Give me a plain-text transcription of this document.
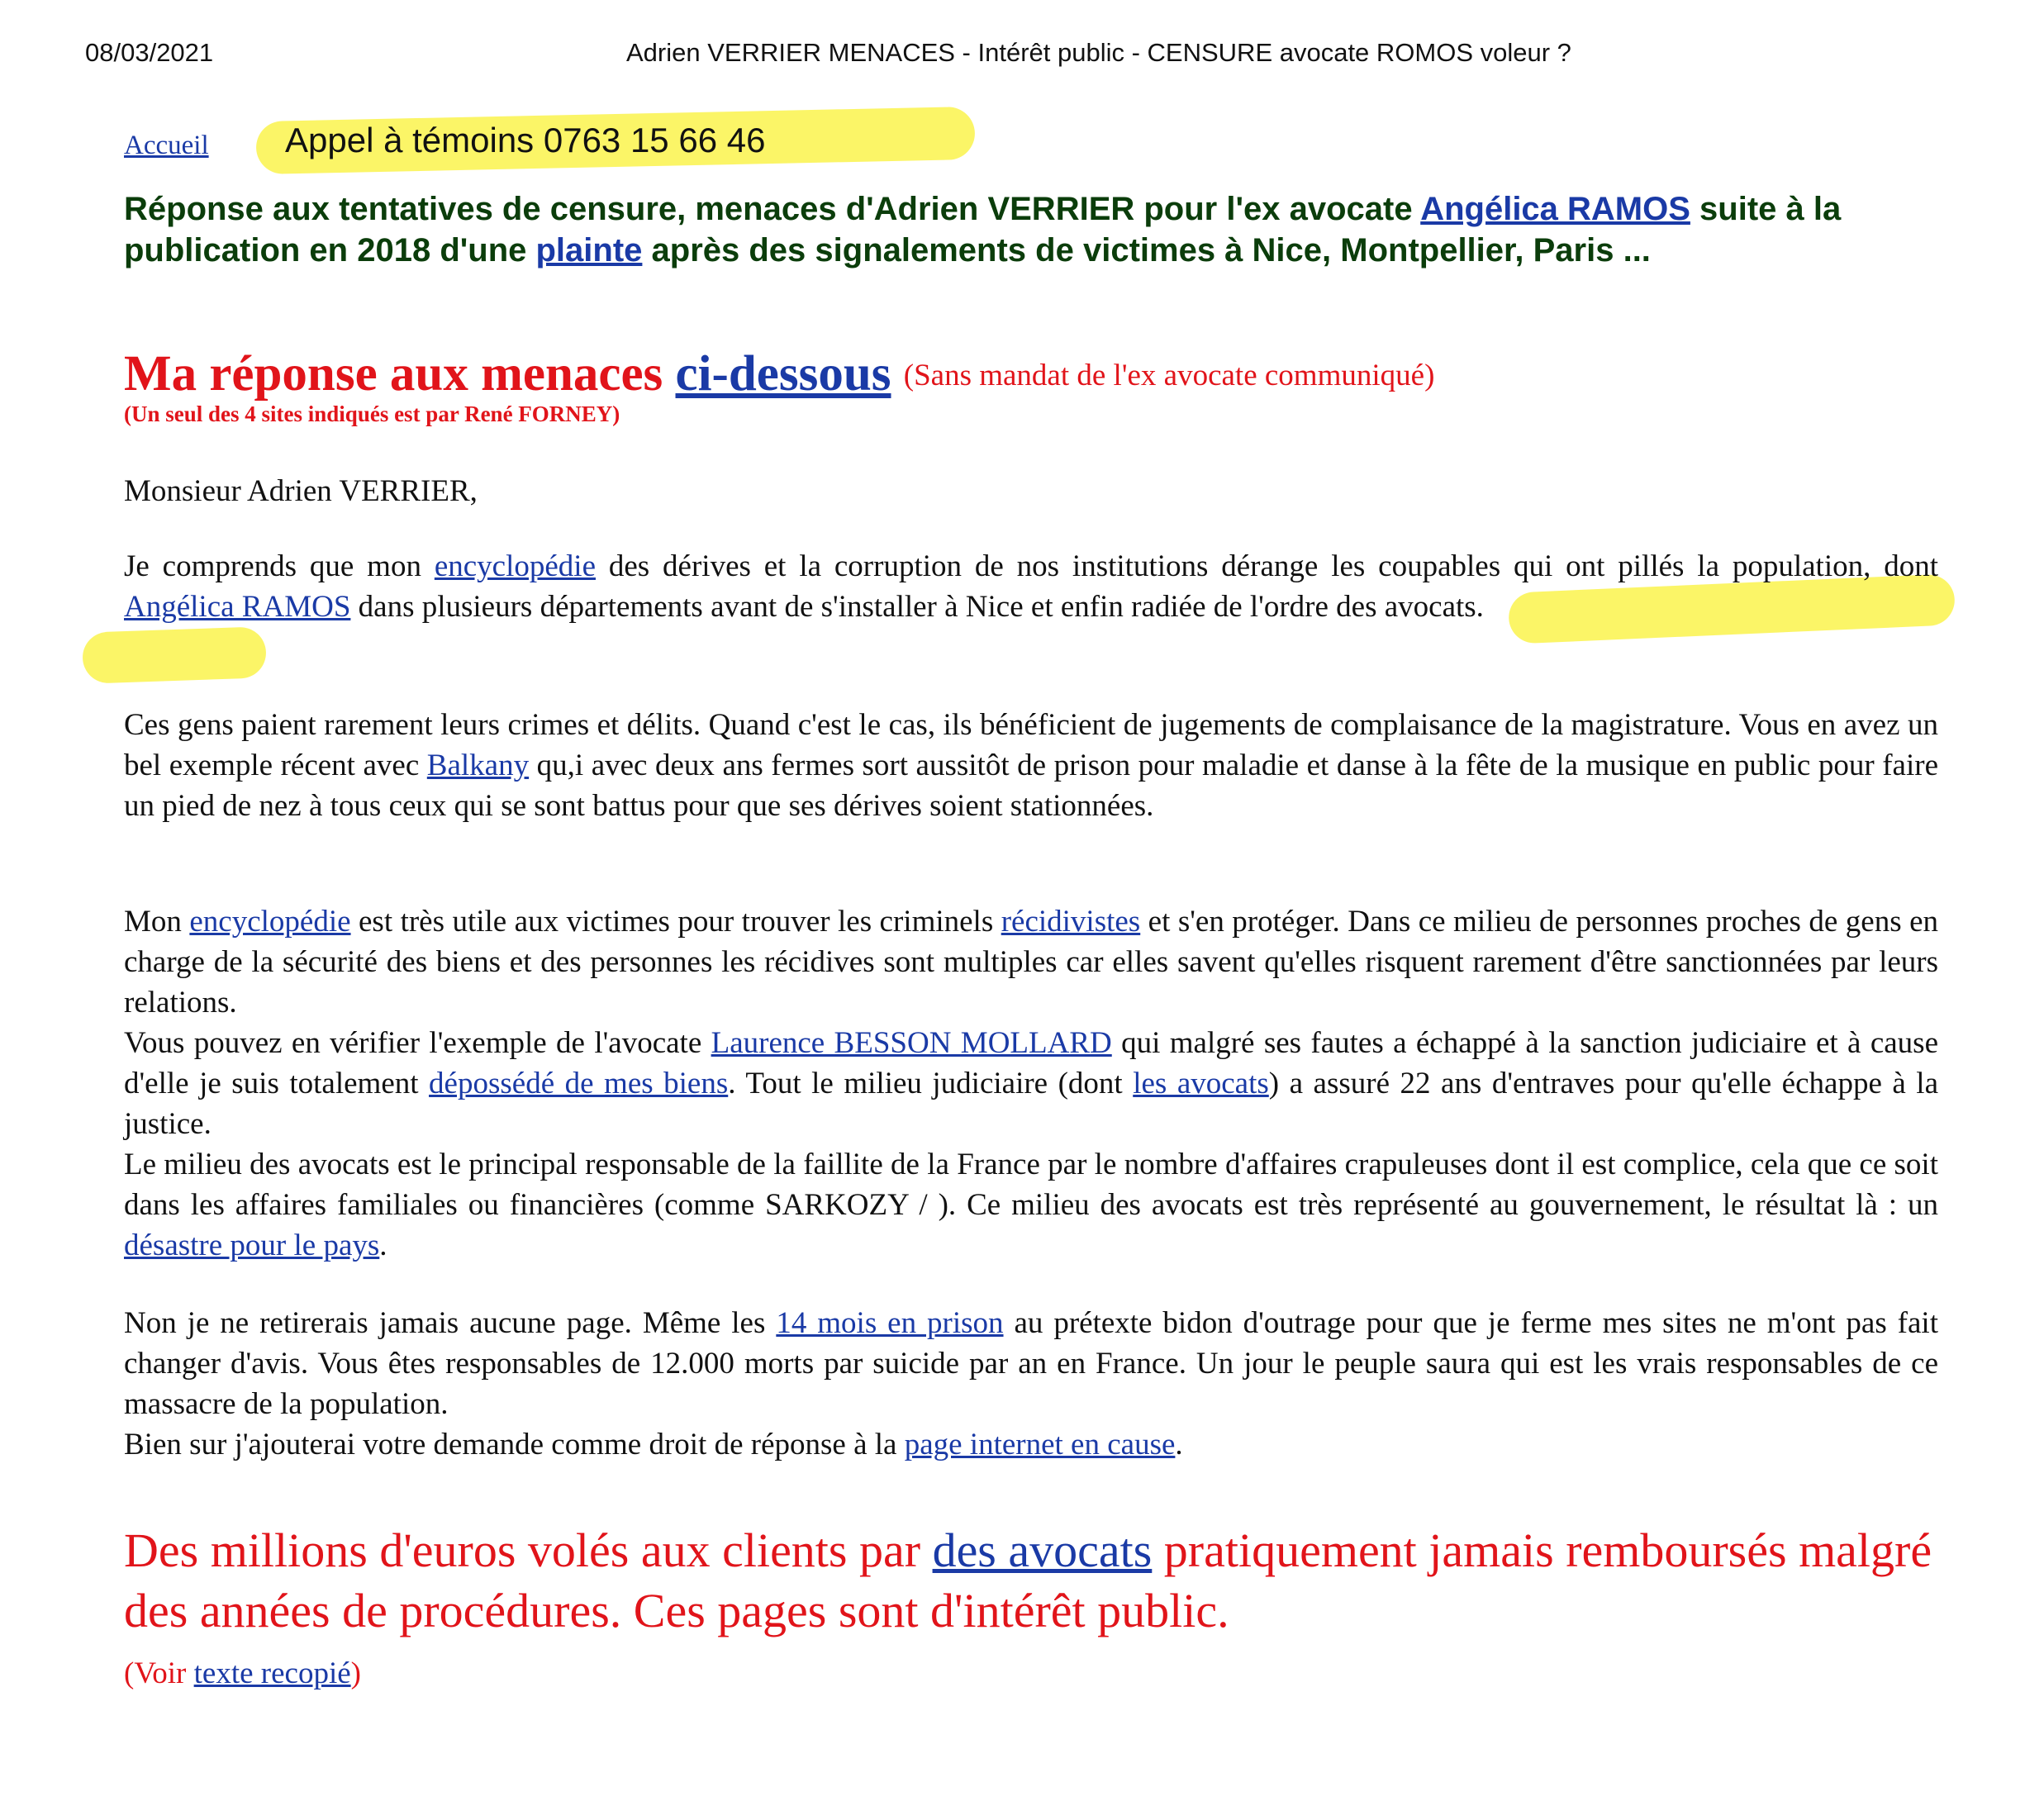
08/03/2021	Adrien VERRIER MENACES - Intérêt public - CENSURE avocate ROMOS voleur ?
Accueil Appel à témoins 0763 15 66 46
Réponse aux tentatives de censure, menaces d'Adrien VERRIER pour l'ex avocate Angélica RAMOS suite à la publication en 2018 d'une plainte après des signalements de victimes à Nice, Montpellier, Paris ...
Ma réponse aux menaces ci-dessous (Sans mandat de l'ex avocate communiqué)
(Un seul des 4 sites indiqués est par René FORNEY)

Monsieur Adrien VERRIER,

Je comprends que mon encyclopédie des dérives et la corruption de nos institutions dérange les coupables qui ont pillés la population, dont Angélica RAMOS dans plusieurs départements avant de s'installer à Nice et enfin radiée de l'ordre des avocats.

Ces gens paient rarement leurs crimes et délits. Quand c'est le cas, ils bénéficient de jugements de complaisance de la magistrature. Vous en avez un bel exemple récent avec Balkany qu,i avec deux ans fermes sort aussitôt de prison pour maladie et danse à la fête de la musique en public pour faire un pied de nez à tous ceux qui se sont battus pour que ses dérives soient stationnées.

Mon encyclopédie est très utile aux victimes pour trouver les criminels récidivistes et s'en protéger. Dans ce milieu de personnes proches de gens en charge de la sécurité des biens et des personnes les récidives sont multiples car elles savent qu'elles risquent rarement d'être sanctionnées par leurs relations.
Vous pouvez en vérifier l'exemple de l'avocate Laurence BESSON MOLLARD qui malgré ses fautes a échappé à la sanction judiciaire et à cause d'elle je suis totalement dépossédé de mes biens. Tout le milieu judiciaire (dont les avocats) a assuré 22 ans d'entraves pour qu'elle échappe à la justice.
Le milieu des avocats est le principal responsable de la faillite de la France par le nombre d'affaires crapuleuses dont il est complice, cela que ce soit dans les affaires familiales ou financières (comme SARKOZY / ). Ce milieu des avocats est très représenté au gouvernement, le résultat là : un désastre pour le pays.

Non je ne retirerais jamais aucune page. Même les 14 mois en prison au prétexte bidon d'outrage pour que je ferme mes sites ne m'ont pas fait changer d'avis. Vous êtes responsables de 12.000 morts par suicide par an en France. Un jour le peuple saura qui est les vrais responsables de ce massacre de la population.
Bien sur j'ajouterai votre demande comme droit de réponse à la page internet en cause.

Des millions d'euros volés aux clients par des avocats pratiquement jamais remboursés malgré des années de procédures. Ces pages sont d'intérêt public.
(Voir texte recopié)
